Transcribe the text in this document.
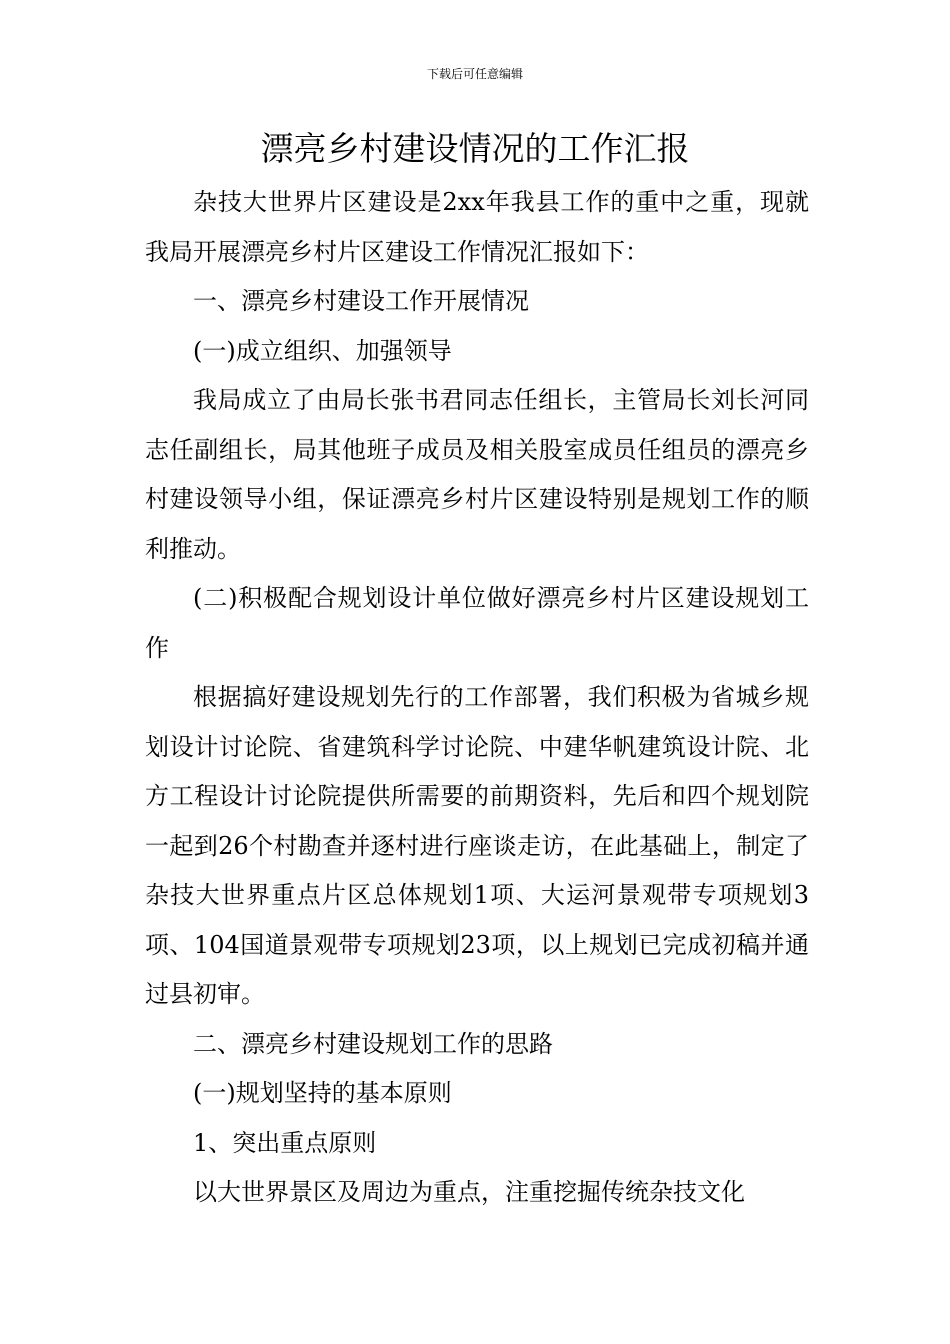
下载后可任意编辑
漂亮乡村建设情况的工作汇报

杂技大世界片区建设是2xx年我县工作的重中之重，现就我局开展漂亮乡村片区建设工作情况汇报如下：

一、漂亮乡村建设工作开展情况

(一)成立组织、加强领导

我局成立了由局长张书君同志任组长，主管局长刘长河同志任副组长，局其他班子成员及相关股室成员任组员的漂亮乡村建设领导小组，保证漂亮乡村片区建设特别是规划工作的顺利推动。

(二)积极配合规划设计单位做好漂亮乡村片区建设规划工作

根据搞好建设规划先行的工作部署，我们积极为省城乡规划设计讨论院、省建筑科学讨论院、中建华帆建筑设计院、北方工程设计讨论院提供所需要的前期资料，先后和四个规划院一起到26个村勘查并逐村进行座谈走访，在此基础上，制定了杂技大世界重点片区总体规划1项、大运河景观带专项规划3项、104国道景观带专项规划23项，以上规划已完成初稿并通过县初审。

二、漂亮乡村建设规划工作的思路

(一)规划坚持的基本原则

1、突出重点原则

以大世界景区及周边为重点，注重挖掘传统杂技文化
